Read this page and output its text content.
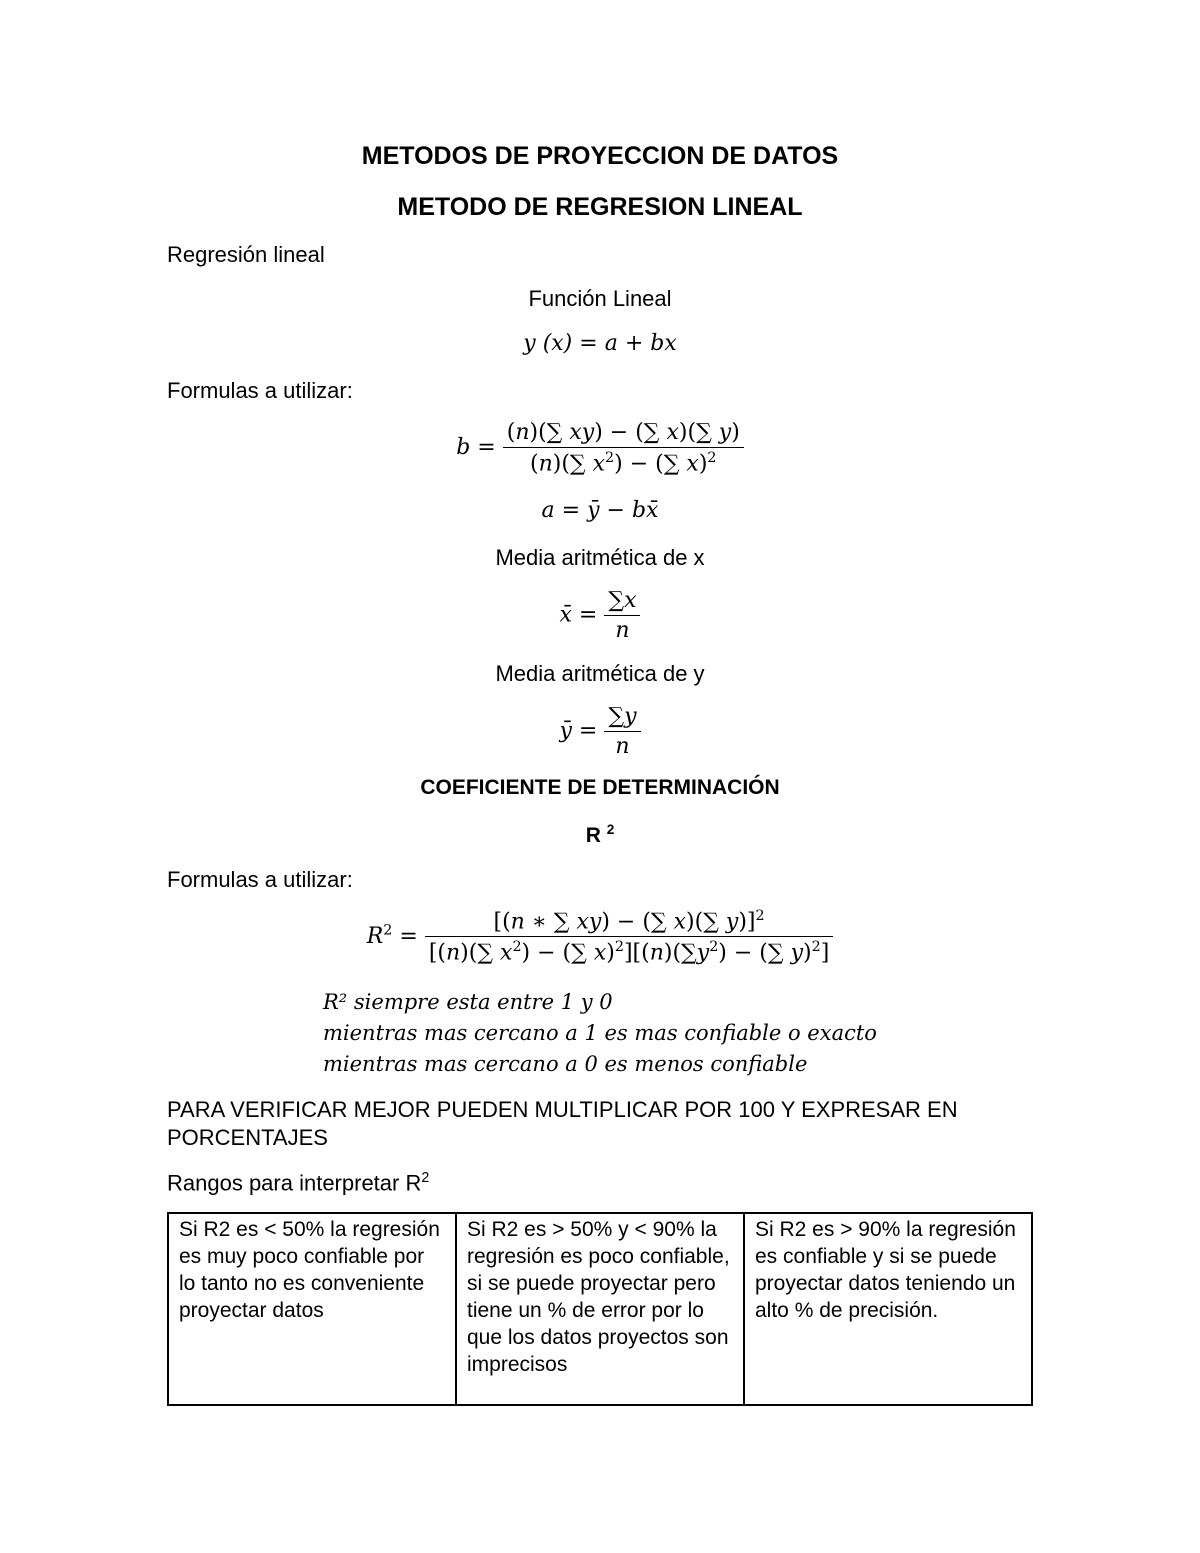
METODOS DE PROYECCION DE DATOS
METODO DE REGRESION LINEAL
Regresión lineal
Función Lineal
y (x) = a + bx
Formulas a utilizar:
$b = \frac{(n)(\sum xy) - (\sum x)(\sum y)}{(n)(\sum x^2) - (\sum x)^2}$
a = ȳ − bx̄
Media aritmética de x
x̄ = $\frac{\sum x}{n}$
Media aritmética de y
ȳ = $\frac{\sum y}{n}$
COEFICIENTE DE DETERMINACIÓN
R $^2$
Formulas a utilizar:
$R^2 = \frac{[(n ∗ \sum xy) - (\sum x)(\sum y)]^2}{[(n)(\sum x^2) - (\sum x)^2][(n)(\sum y^2) - (\sum y)^2]}$
R² siempre esta entre 1 y 0
mientras mas cercano a 1 es mas confiable o exacto
mientras mas cercano a 0 es menos confiable
PARA VERIFICAR MEJOR PUEDEN MULTIPLICAR POR 100 Y EXPRESAR EN
PORCENTAJES
Rangos para interpretar $R^2$
Si R2 es < 50% la regresión es muy poco confiable por lo tanto no es conveniente proyectar datos	Si R2 es > 50% y < 90% la regresión es poco confiable, si se puede proyectar pero tiene un % de error por lo que los datos proyectos son imprecisos	Si R2 es > 90% la regresión es confiable y si se puede proyectar datos teniendo un alto % de precisión.
